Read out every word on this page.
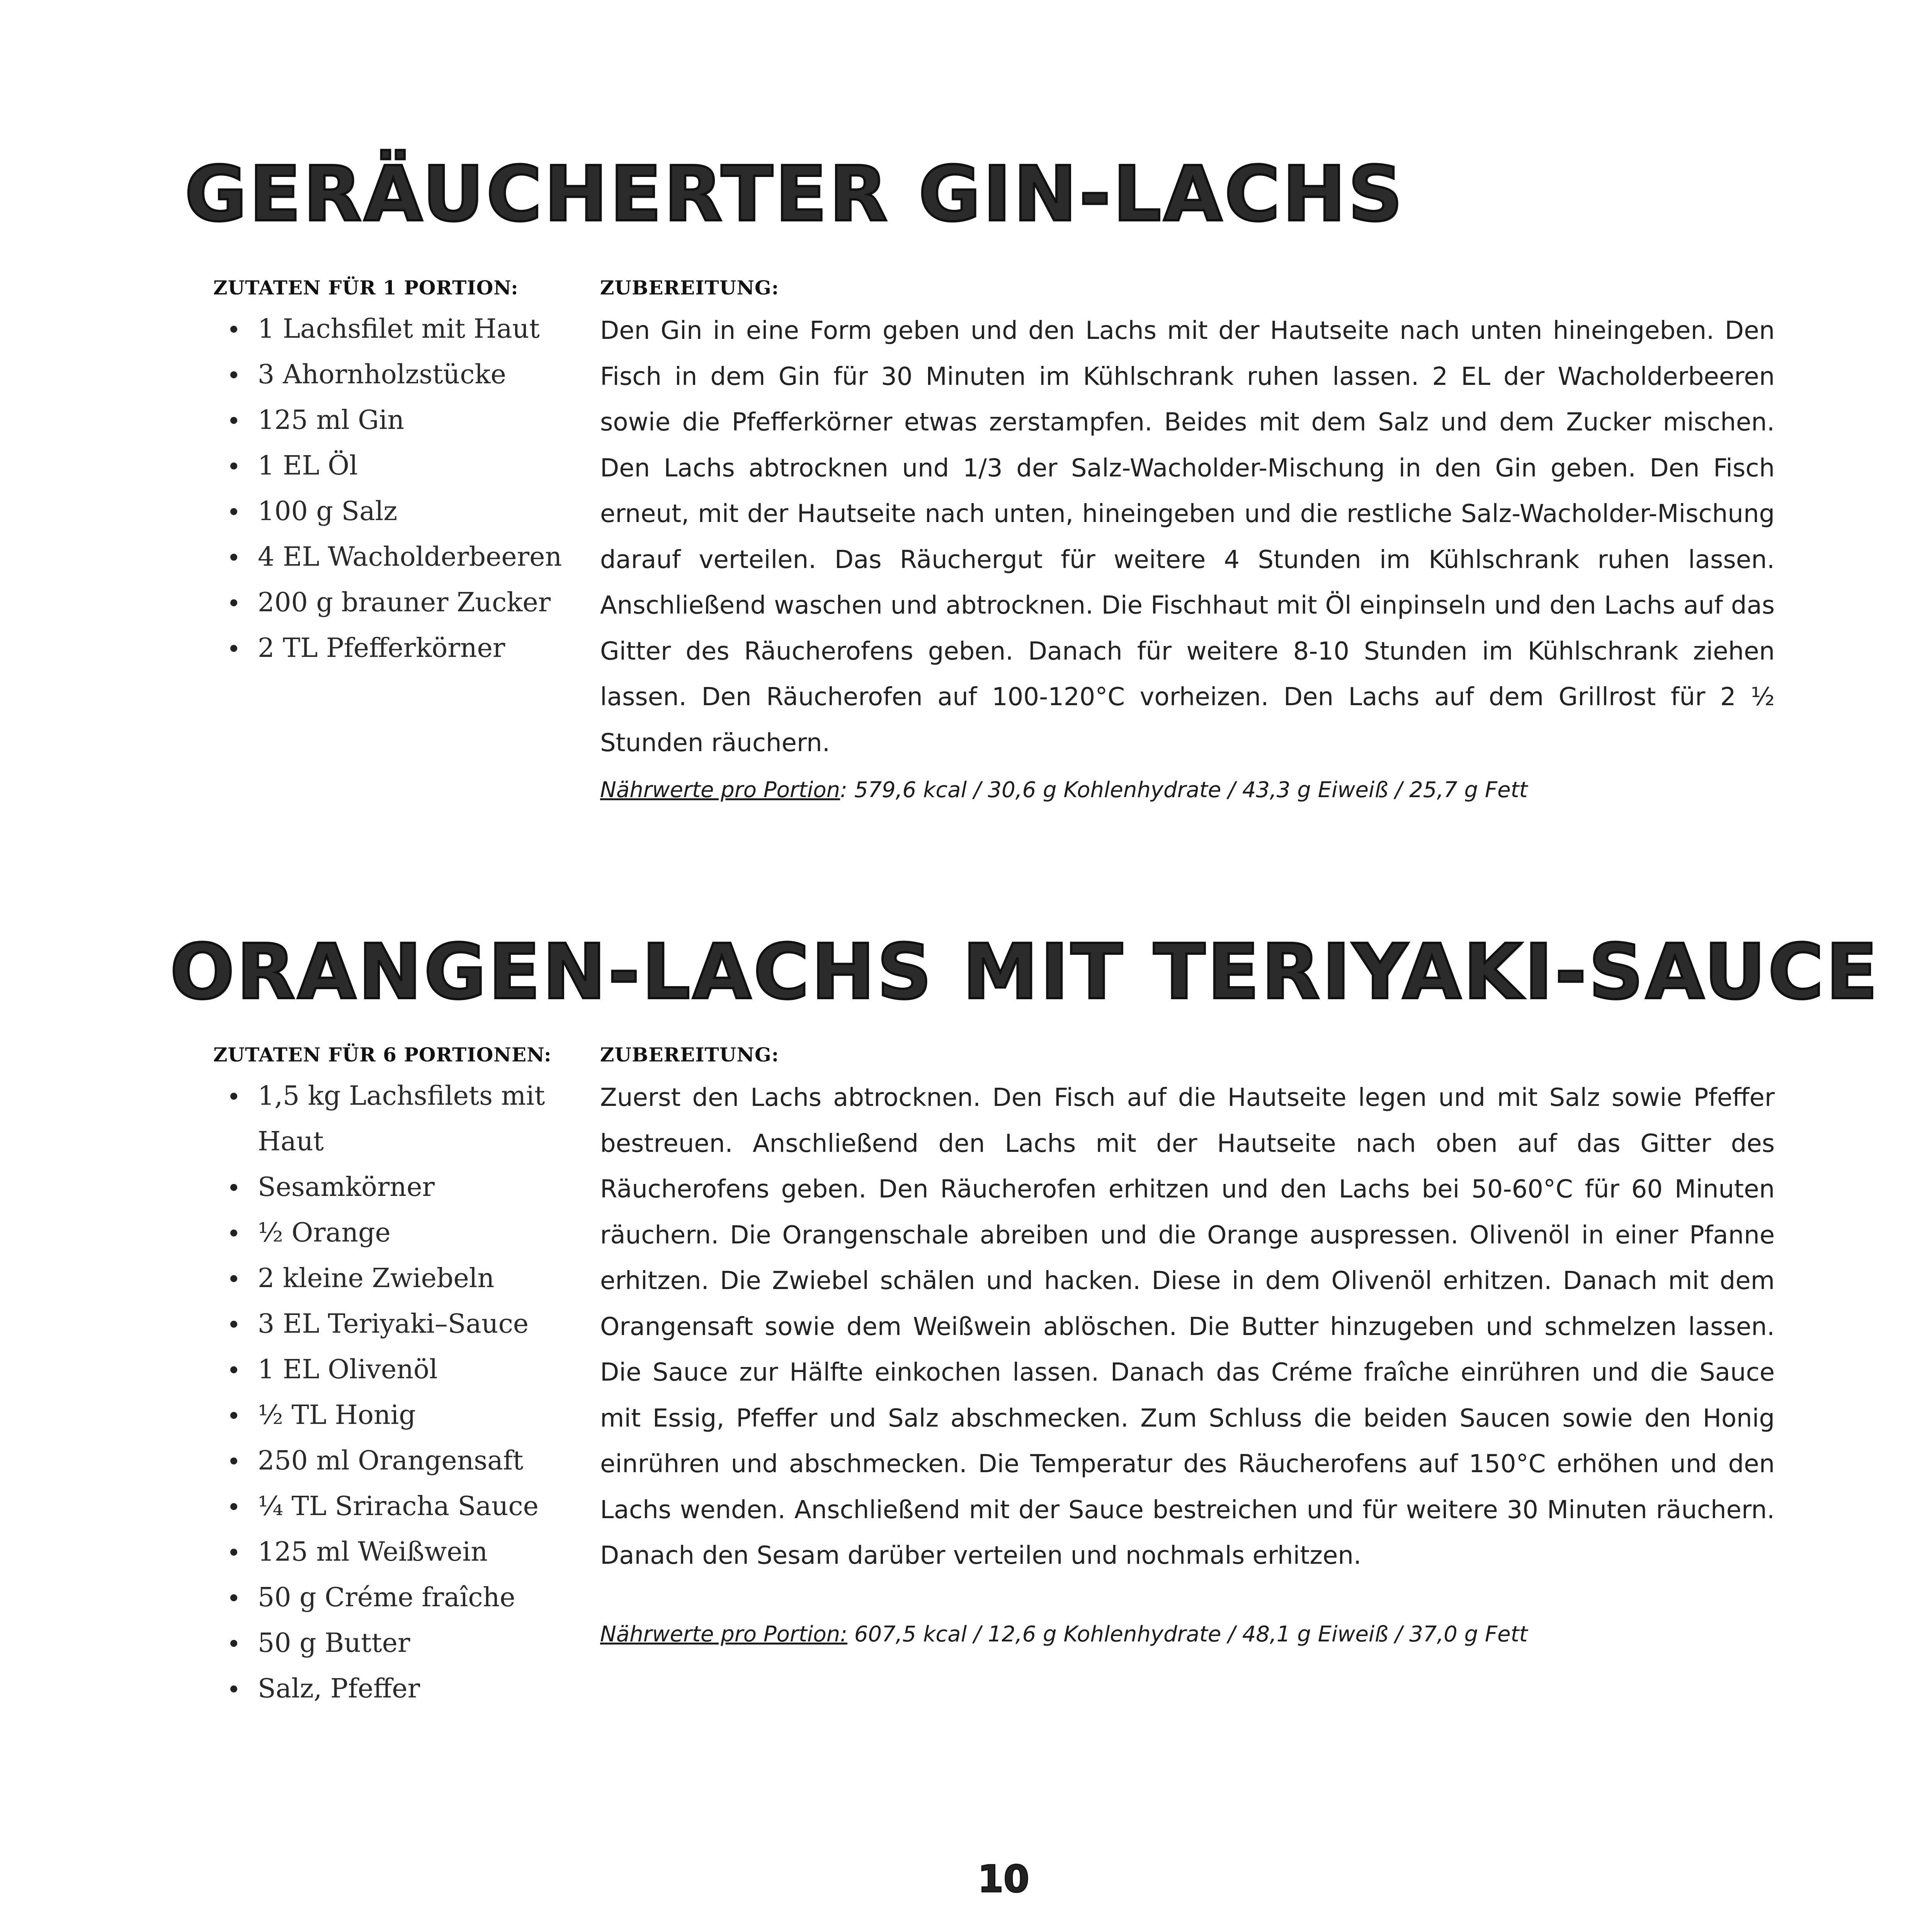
GERÄUCHERTER GIN-LACHS
ZUTATEN FÜR 1 PORTION:
1 Lachsfilet mit Haut
3 Ahornholzstücke
125 ml Gin
1 EL Öl
100 g Salz
4 EL Wacholderbeeren
200 g brauner Zucker
2 TL Pfefferkörner
ZUBEREITUNG:

Den Gin in eine Form geben und den Lachs mit der Hautseite nach unten hineingeben. Den Fisch in dem Gin für 30 Minuten im Kühlschrank ruhen lassen. 2 EL der Wacholderbeeren sowie die Pfefferkörner etwas zerstampfen. Beides mit dem Salz und dem Zucker mischen. Den Lachs abtrocknen und 1/3 der Salz-Wacholder-Mischung in den Gin geben. Den Fisch erneut, mit der Hautseite nach unten, hineingeben und die restliche Salz-Wacholder-Mischung darauf verteilen. Das Räuchergut für weitere 4 Stunden im Kühlschrank ruhen lassen. Anschließend waschen und abtrocknen. Die Fischhaut mit Öl einpinseln und den Lachs auf das Gitter des Räucherofens geben. Danach für weitere 8-10 Stunden im Kühlschrank ziehen lassen. Den Räucherofen auf 100-120°C vorheizen. Den Lachs auf dem Grillrost für 2 ½ Stunden räuchern.

Nährwerte pro Portion: 579,6 kcal / 30,6 g Kohlenhydrate / 43,3 g Eiweiß / 25,7 g Fett
ORANGEN-LACHS MIT TERIYAKI-SAUCE
ZUTATEN FÜR 6 PORTIONEN:
1,5 kg Lachsfilets mit Haut
Sesamkörner
½ Orange
2 kleine Zwiebeln
3 EL Teriyaki–Sauce
1 EL Olivenöl
½ TL Honig
250 ml Orangensaft
¼ TL Sriracha Sauce
125 ml Weißwein
50 g Créme fraîche
50 g Butter
Salz, Pfeffer
ZUBEREITUNG:

Zuerst den Lachs abtrocknen. Den Fisch auf die Hautseite legen und mit Salz sowie Pfeffer bestreuen. Anschließend den Lachs mit der Hautseite nach oben auf das Gitter des Räucherofens geben. Den Räucherofen erhitzen und den Lachs bei 50-60°C für 60 Minuten räuchern. Die Orangenschale abreiben und die Orange auspressen. Olivenöl in einer Pfanne erhitzen. Die Zwiebel schälen und hacken. Diese in dem Olivenöl erhitzen. Danach mit dem Orangensaft sowie dem Weißwein ablöschen. Die Butter hinzugeben und schmelzen lassen. Die Sauce zur Hälfte einkochen lassen. Danach das Créme fraîche einrühren und die Sauce mit Essig, Pfeffer und Salz abschmecken. Zum Schluss die beiden Saucen sowie den Honig einrühren und abschmecken. Die Temperatur des Räucherofens auf 150°C erhöhen und den Lachs wenden. Anschließend mit der Sauce bestreichen und für weitere 30 Minuten räuchern. Danach den Sesam darüber verteilen und nochmals erhitzen.

Nährwerte pro Portion: 607,5 kcal / 12,6 g Kohlenhydrate / 48,1 g Eiweiß / 37,0 g Fett
10
